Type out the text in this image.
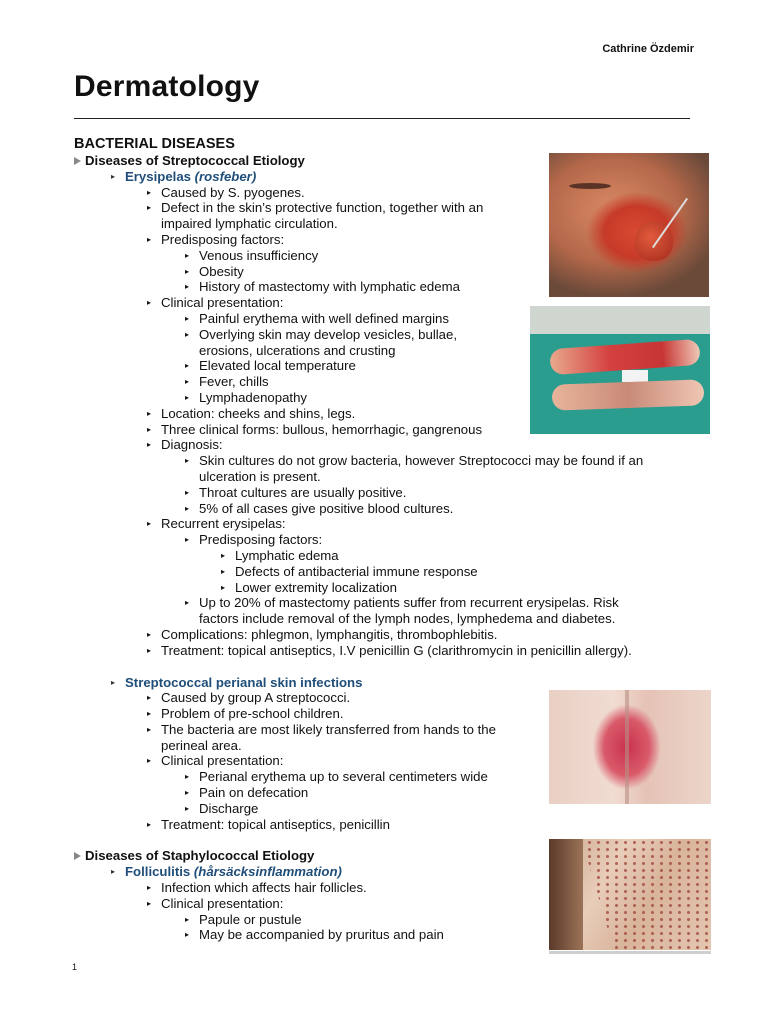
Cathrine Özdemir
Dermatology
BACTERIAL DISEASES
Diseases of Streptococcal Etiology
▸ Erysipelas (rosfeber)
▸ Caused by S. pyogenes.
▸ Defect in the skin’s protective function, together with an
impaired lymphatic circulation.
▸ Predisposing factors:
▸ Venous insufficiency
▸ Obesity
▸ History of mastectomy with lymphatic edema
▸ Clinical presentation:
▸ Painful erythema with well defined margins
▸ Overlying skin may develop vesicles, bullae,
erosions, ulcerations and crusting
▸ Elevated local temperature
▸ Fever, chills
▸ Lymphadenopathy
▸ Location: cheeks and shins, legs.
▸ Three clinical forms: bullous, hemorrhagic, gangrenous
▸ Diagnosis:
▸ Skin cultures do not grow bacteria, however Streptococci may be found if an
ulceration is present.
▸ Throat cultures are usually positive.
▸ 5% of all cases give positive blood cultures.
▸ Recurrent erysipelas:
▸ Predisposing factors:
▸ Lymphatic edema
▸ Defects of antibacterial immune response
▸ Lower extremity localization
▸ Up to 20% of mastectomy patients suffer from recurrent erysipelas. Risk
factors include removal of the lymph nodes, lymphedema and diabetes.
▸ Complications: phlegmon, lymphangitis, thrombophlebitis.
▸ Treatment: topical antiseptics, I.V penicillin G (clarithromycin in penicillin allergy).
▸ Streptococcal perianal skin infections
▸ Caused by group A streptococci.
▸ Problem of pre-school children.
▸ The bacteria are most likely transferred from hands to the
perineal area.
▸ Clinical presentation:
▸ Perianal erythema up to several centimeters wide
▸ Pain on defecation
▸ Discharge
▸ Treatment: topical antiseptics, penicillin
Diseases of Staphylococcal Etiology
▸ Folliculitis (hårsäcksinflammation)
▸ Infection which affects hair follicles.
▸ Clinical presentation:
▸ Papule or pustule
▸ May be accompanied by pruritus and pain
1
